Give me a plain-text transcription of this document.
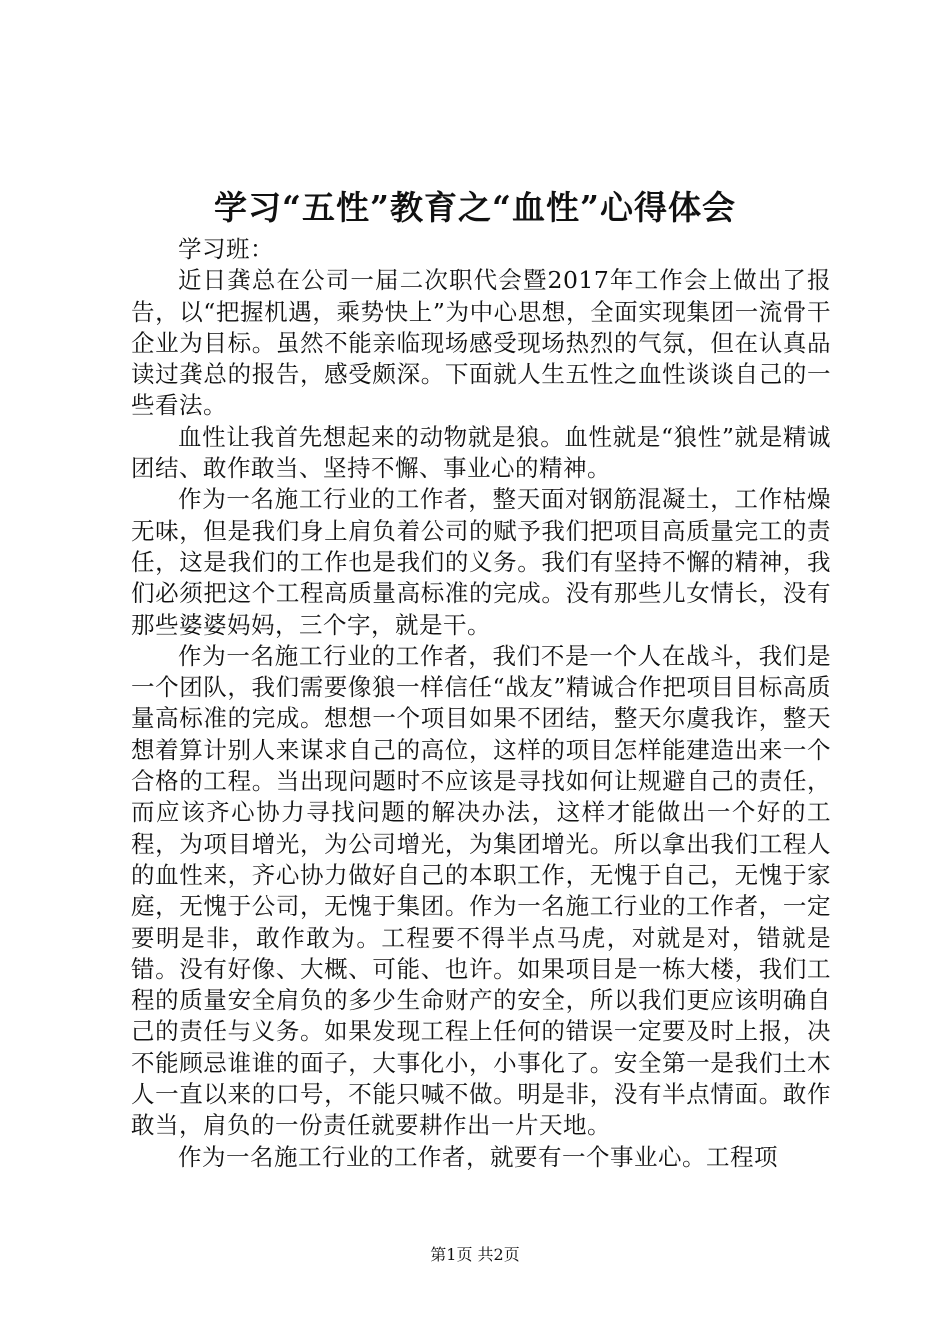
学习“五性”教育之“血性”心得体会

学习班：

近日龚总在公司一届二次职代会暨2017年工作会上做出了报告，以“把握机遇，乘势快上”为中心思想，全面实现集团一流骨干企业为目标。虽然不能亲临现场感受现场热烈的气氛，但在认真品读过龚总的报告，感受颇深。下面就人生五性之血性谈谈自己的一些看法。

血性让我首先想起来的动物就是狼。血性就是“狼性”就是精诚团结、敢作敢当、坚持不懈、事业心的精神。

作为一名施工行业的工作者，整天面对钢筋混凝土，工作枯燥无味，但是我们身上肩负着公司的赋予我们把项目高质量完工的责任，这是我们的工作也是我们的义务。我们有坚持不懈的精神，我们必须把这个工程高质量高标准的完成。没有那些儿女情长，没有那些婆婆妈妈，三个字，就是干。

作为一名施工行业的工作者，我们不是一个人在战斗，我们是一个团队，我们需要像狼一样信任“战友”精诚合作把项目目标高质量高标准的完成。想想一个项目如果不团结，整天尔虞我诈，整天想着算计别人来谋求自己的高位，这样的项目怎样能建造出来一个合格的工程。当出现问题时不应该是寻找如何让规避自己的责任，而应该齐心协力寻找问题的解决办法，这样才能做出一个好的工程，为项目增光，为公司增光，为集团增光。所以拿出我们工程人的血性来，齐心协力做好自己的本职工作，无愧于自己，无愧于家庭，无愧于公司，无愧于集团。作为一名施工行业的工作者，一定要明是非，敢作敢为。工程要不得半点马虎，对就是对，错就是错。没有好像、大概、可能、也许。如果项目是一栋大楼，我们工程的质量安全肩负的多少生命财产的安全，所以我们更应该明确自己的责任与义务。如果发现工程上任何的错误一定要及时上报，决不能顾忌谁谁的面子，大事化小，小事化了。安全第一是我们土木人一直以来的口号，不能只喊不做。明是非，没有半点情面。敢作敢当，肩负的一份责任就要耕作出一片天地。

作为一名施工行业的工作者，就要有一个事业心。工程项

第1页 共2页
